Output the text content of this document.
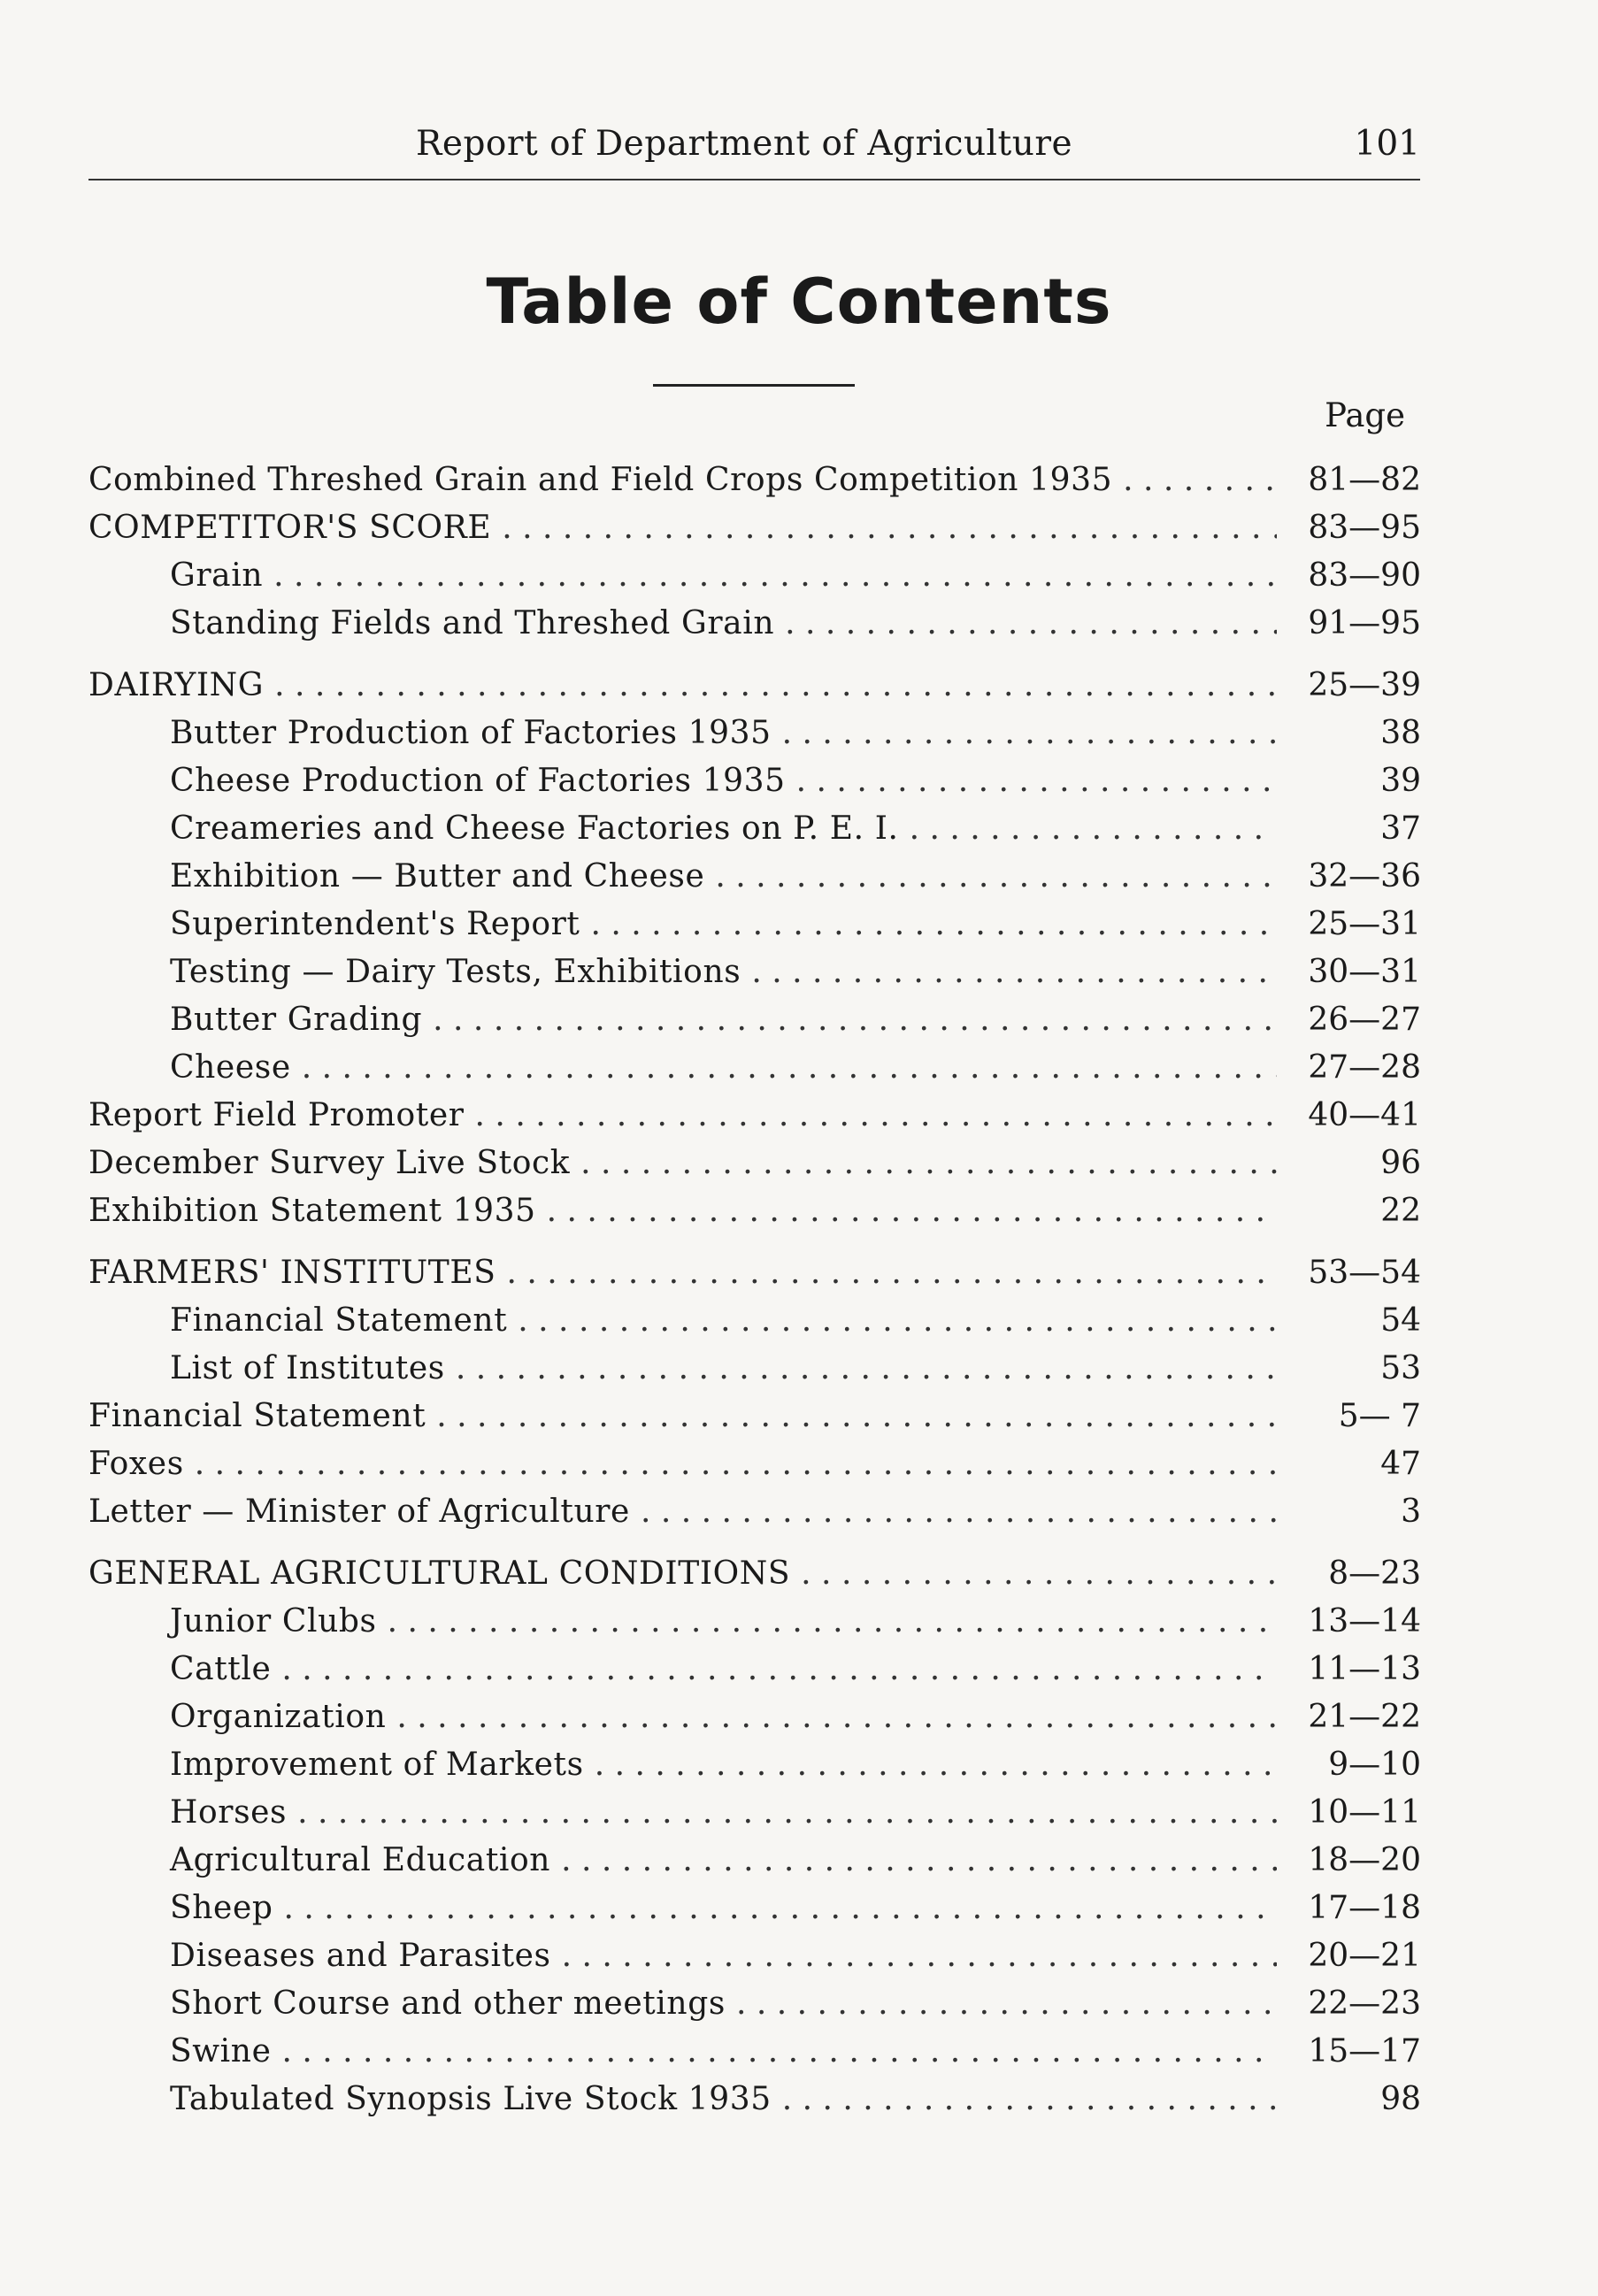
Report of Department of Agriculture	101
Table of Contents
Page
Combined Threshed Grain and Field Crops Competition 1935 . . .	81—82
COMPETITOR'S SCORE . . .	83—95
Grain . . .	83—90
Standing Fields and Threshed Grain . . .	91—95
DAIRYING . . .	25—39
Butter Production of Factories 1935 . . .	38
Cheese Production of Factories 1935 . . .	39
Creameries and Cheese Factories on P. E. I. . . .	37
Exhibition — Butter and Cheese . . .	32—36
Superintendent's Report . . .	25—31
Testing — Dairy Tests, Exhibitions . . .	30—31
Butter Grading . . .	26—27
Cheese . . .	27—28
Report Field Promoter . . .	40—41
December Survey Live Stock . . .	96
Exhibition Statement 1935 . . .	22
FARMERS' INSTITUTES . . .	53—54
Financial Statement . . .	54
List of Institutes . . .	53
Financial Statement . . .	5— 7
Foxes . . .	47
Letter — Minister of Agriculture . . .	3
GENERAL AGRICULTURAL CONDITIONS . . .	8—23
Junior Clubs . . .	13—14
Cattle . . .	11—13
Organization . . .	21—22
Improvement of Markets . . .	9—10
Horses . . .	10—11
Agricultural Education . . .	18—20
Sheep . . .	17—18
Diseases and Parasites . . .	20—21
Short Course and other meetings . . .	22—23
Swine . . .	15—17
Tabulated Synopsis Live Stock 1935 . . .	98
